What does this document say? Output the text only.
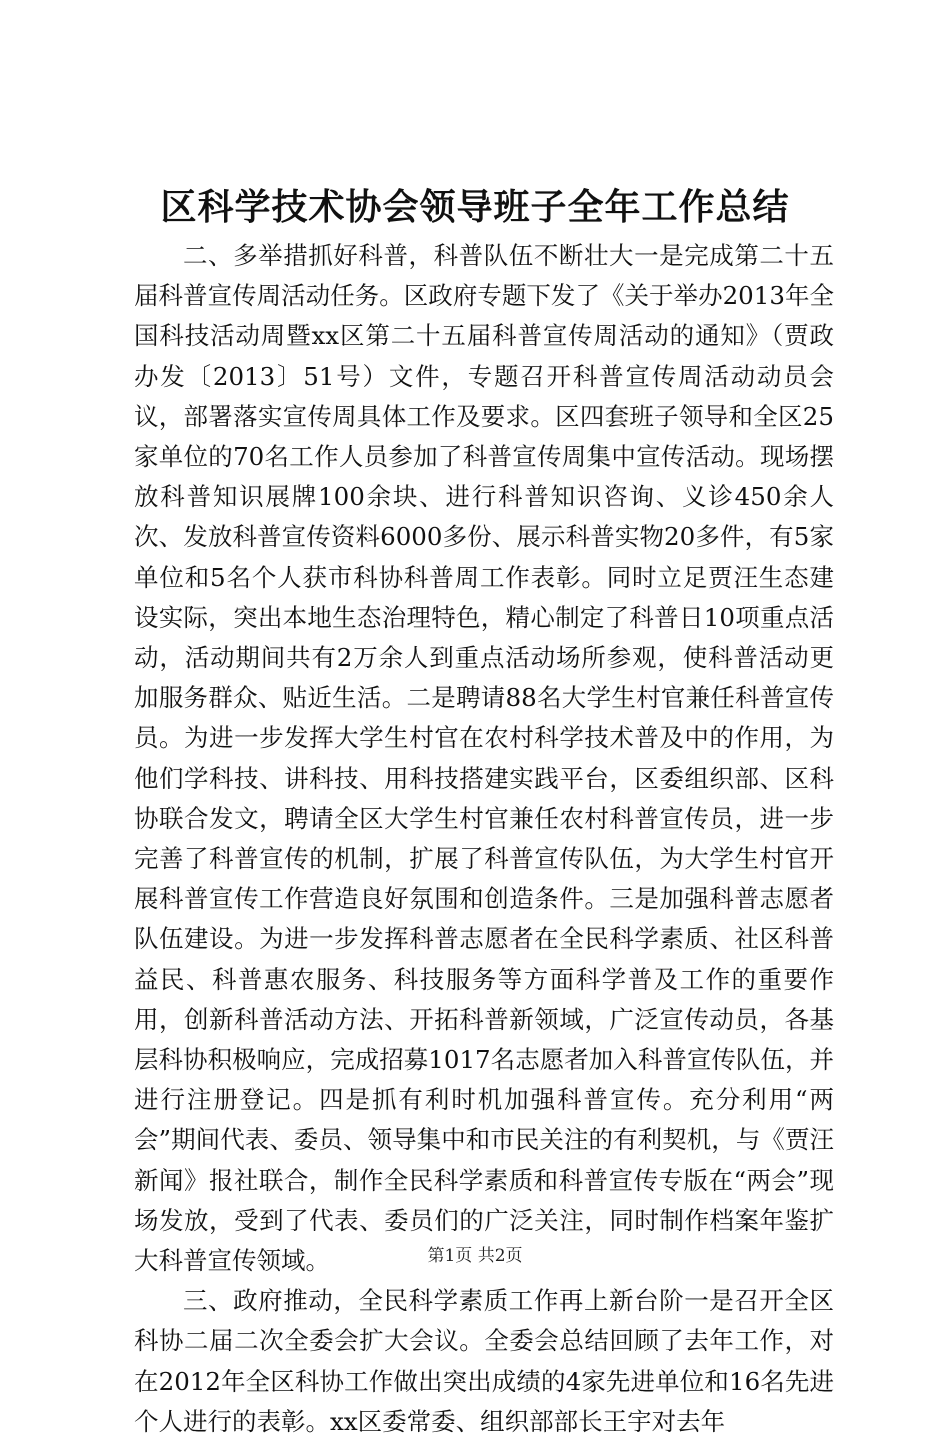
区科学技术协会领导班子全年工作总结

二、多举措抓好科普，科普队伍不断壮大一是完成第二十五届科普宣传周活动任务。区政府专题下发了《关于举办2013年全国科技活动周暨xx区第二十五届科普宣传周活动的通知》（贾政办发〔2013〕51号）文件，专题召开科普宣传周活动动员会议，部署落实宣传周具体工作及要求。区四套班子领导和全区25家单位的70名工作人员参加了科普宣传周集中宣传活动。现场摆放科普知识展牌100余块、进行科普知识咨询、义诊450余人次、发放科普宣传资料6000多份、展示科普实物20多件，有5家单位和5名个人获市科协科普周工作表彰。同时立足贾汪生态建设实际，突出本地生态治理特色，精心制定了科普日10项重点活动，活动期间共有2万余人到重点活动场所参观，使科普活动更加服务群众、贴近生活。二是聘请88名大学生村官兼任科普宣传员。为进一步发挥大学生村官在农村科学技术普及中的作用，为他们学科技、讲科技、用科技搭建实践平台，区委组织部、区科协联合发文，聘请全区大学生村官兼任农村科普宣传员，进一步完善了科普宣传的机制，扩展了科普宣传队伍，为大学生村官开展科普宣传工作营造良好氛围和创造条件。三是加强科普志愿者队伍建设。为进一步发挥科普志愿者在全民科学素质、社区科普益民、科普惠农服务、科技服务等方面科学普及工作的重要作用，创新科普活动方法、开拓科普新领域，广泛宣传动员，各基层科协积极响应，完成招募1017名志愿者加入科普宣传队伍，并进行注册登记。四是抓有利时机加强科普宣传。充分利用“两会”期间代表、委员、领导集中和市民关注的有利契机，与《贾汪新闻》报社联合，制作全民科学素质和科普宣传专版在“两会”现场发放，受到了代表、委员们的广泛关注，同时制作档案年鉴扩大科普宣传领域。

三、政府推动，全民科学素质工作再上新台阶一是召开全区科协二届二次全委会扩大会议。全委会总结回顾了去年工作，对在2012年全区科协工作做出突出成绩的4家先进单位和16名先进个人进行的表彰。xx区委常委、组织部部长王宇对去年

第1页 共2页
